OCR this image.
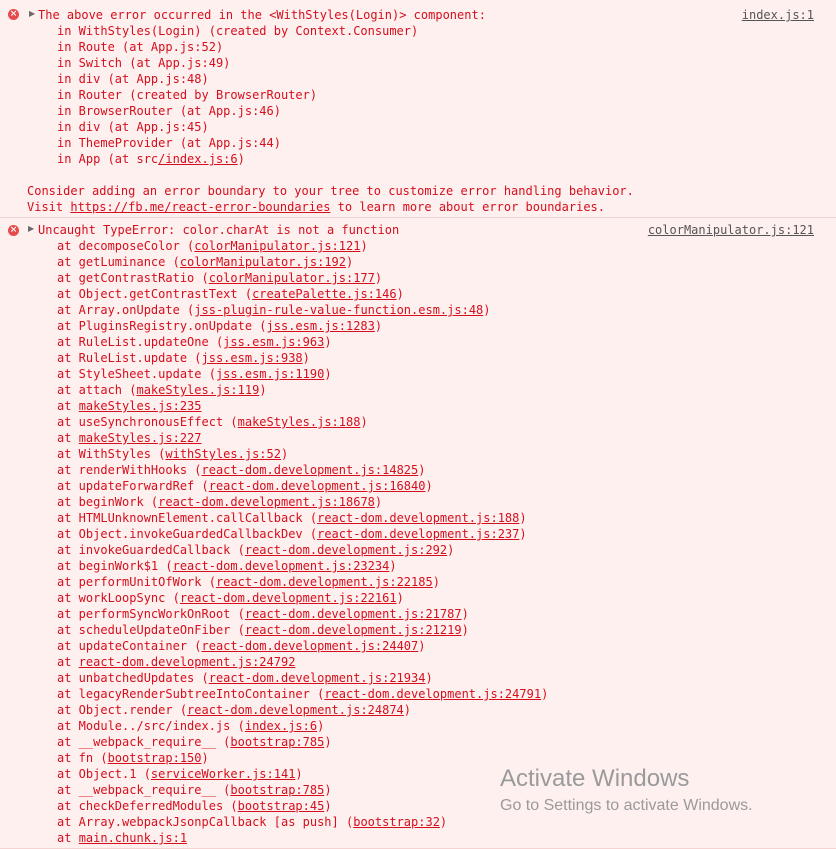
× ▶ The above error occurred in the <WithStyles(Login)> component:	index.js:1
in WithStyles(Login) (created by Context.Consumer)
in Route (at App.js:52)
in Switch (at App.js:49)
in div (at App.js:48)
in Router (created by BrowserRouter)
in BrowserRouter (at App.js:46)
in div (at App.js:45)
in ThemeProvider (at App.js:44)
in App (at src/index.js:6)
Consider adding an error boundary to your tree to customize error handling behavior.
Visit https://fb.me/react-error-boundaries to learn more about error boundaries.
× ▶ Uncaught TypeError: color.charAt is not a function	colorManipulator.js:121
at decomposeColor (colorManipulator.js:121)
at getLuminance (colorManipulator.js:192)
at getContrastRatio (colorManipulator.js:177)
at Object.getContrastText (createPalette.js:146)
at Array.onUpdate (jss-plugin-rule-value-function.esm.js:48)
at PluginsRegistry.onUpdate (jss.esm.js:1283)
at RuleList.updateOne (jss.esm.js:963)
at RuleList.update (jss.esm.js:938)
at StyleSheet.update (jss.esm.js:1190)
at attach (makeStyles.js:119)
at makeStyles.js:235
at useSynchronousEffect (makeStyles.js:188)
at makeStyles.js:227
at WithStyles (withStyles.js:52)
at renderWithHooks (react-dom.development.js:14825)
at updateForwardRef (react-dom.development.js:16840)
at beginWork (react-dom.development.js:18678)
at HTMLUnknownElement.callCallback (react-dom.development.js:188)
at Object.invokeGuardedCallbackDev (react-dom.development.js:237)
at invokeGuardedCallback (react-dom.development.js:292)
at beginWork$1 (react-dom.development.js:23234)
at performUnitOfWork (react-dom.development.js:22185)
at workLoopSync (react-dom.development.js:22161)
at performSyncWorkOnRoot (react-dom.development.js:21787)
at scheduleUpdateOnFiber (react-dom.development.js:21219)
at updateContainer (react-dom.development.js:24407)
at react-dom.development.js:24792
at unbatchedUpdates (react-dom.development.js:21934)
at legacyRenderSubtreeIntoContainer (react-dom.development.js:24791)
at Object.render (react-dom.development.js:24874)
at Module../src/index.js (index.js:6)
at __webpack_require__ (bootstrap:785)
at fn (bootstrap:150)
at Object.1 (serviceWorker.js:141)
at __webpack_require__ (bootstrap:785)
at checkDeferredModules (bootstrap:45)
at Array.webpackJsonpCallback [as push] (bootstrap:32)
at main.chunk.js:1
Activate Windows
Go to Settings to activate Windows.
